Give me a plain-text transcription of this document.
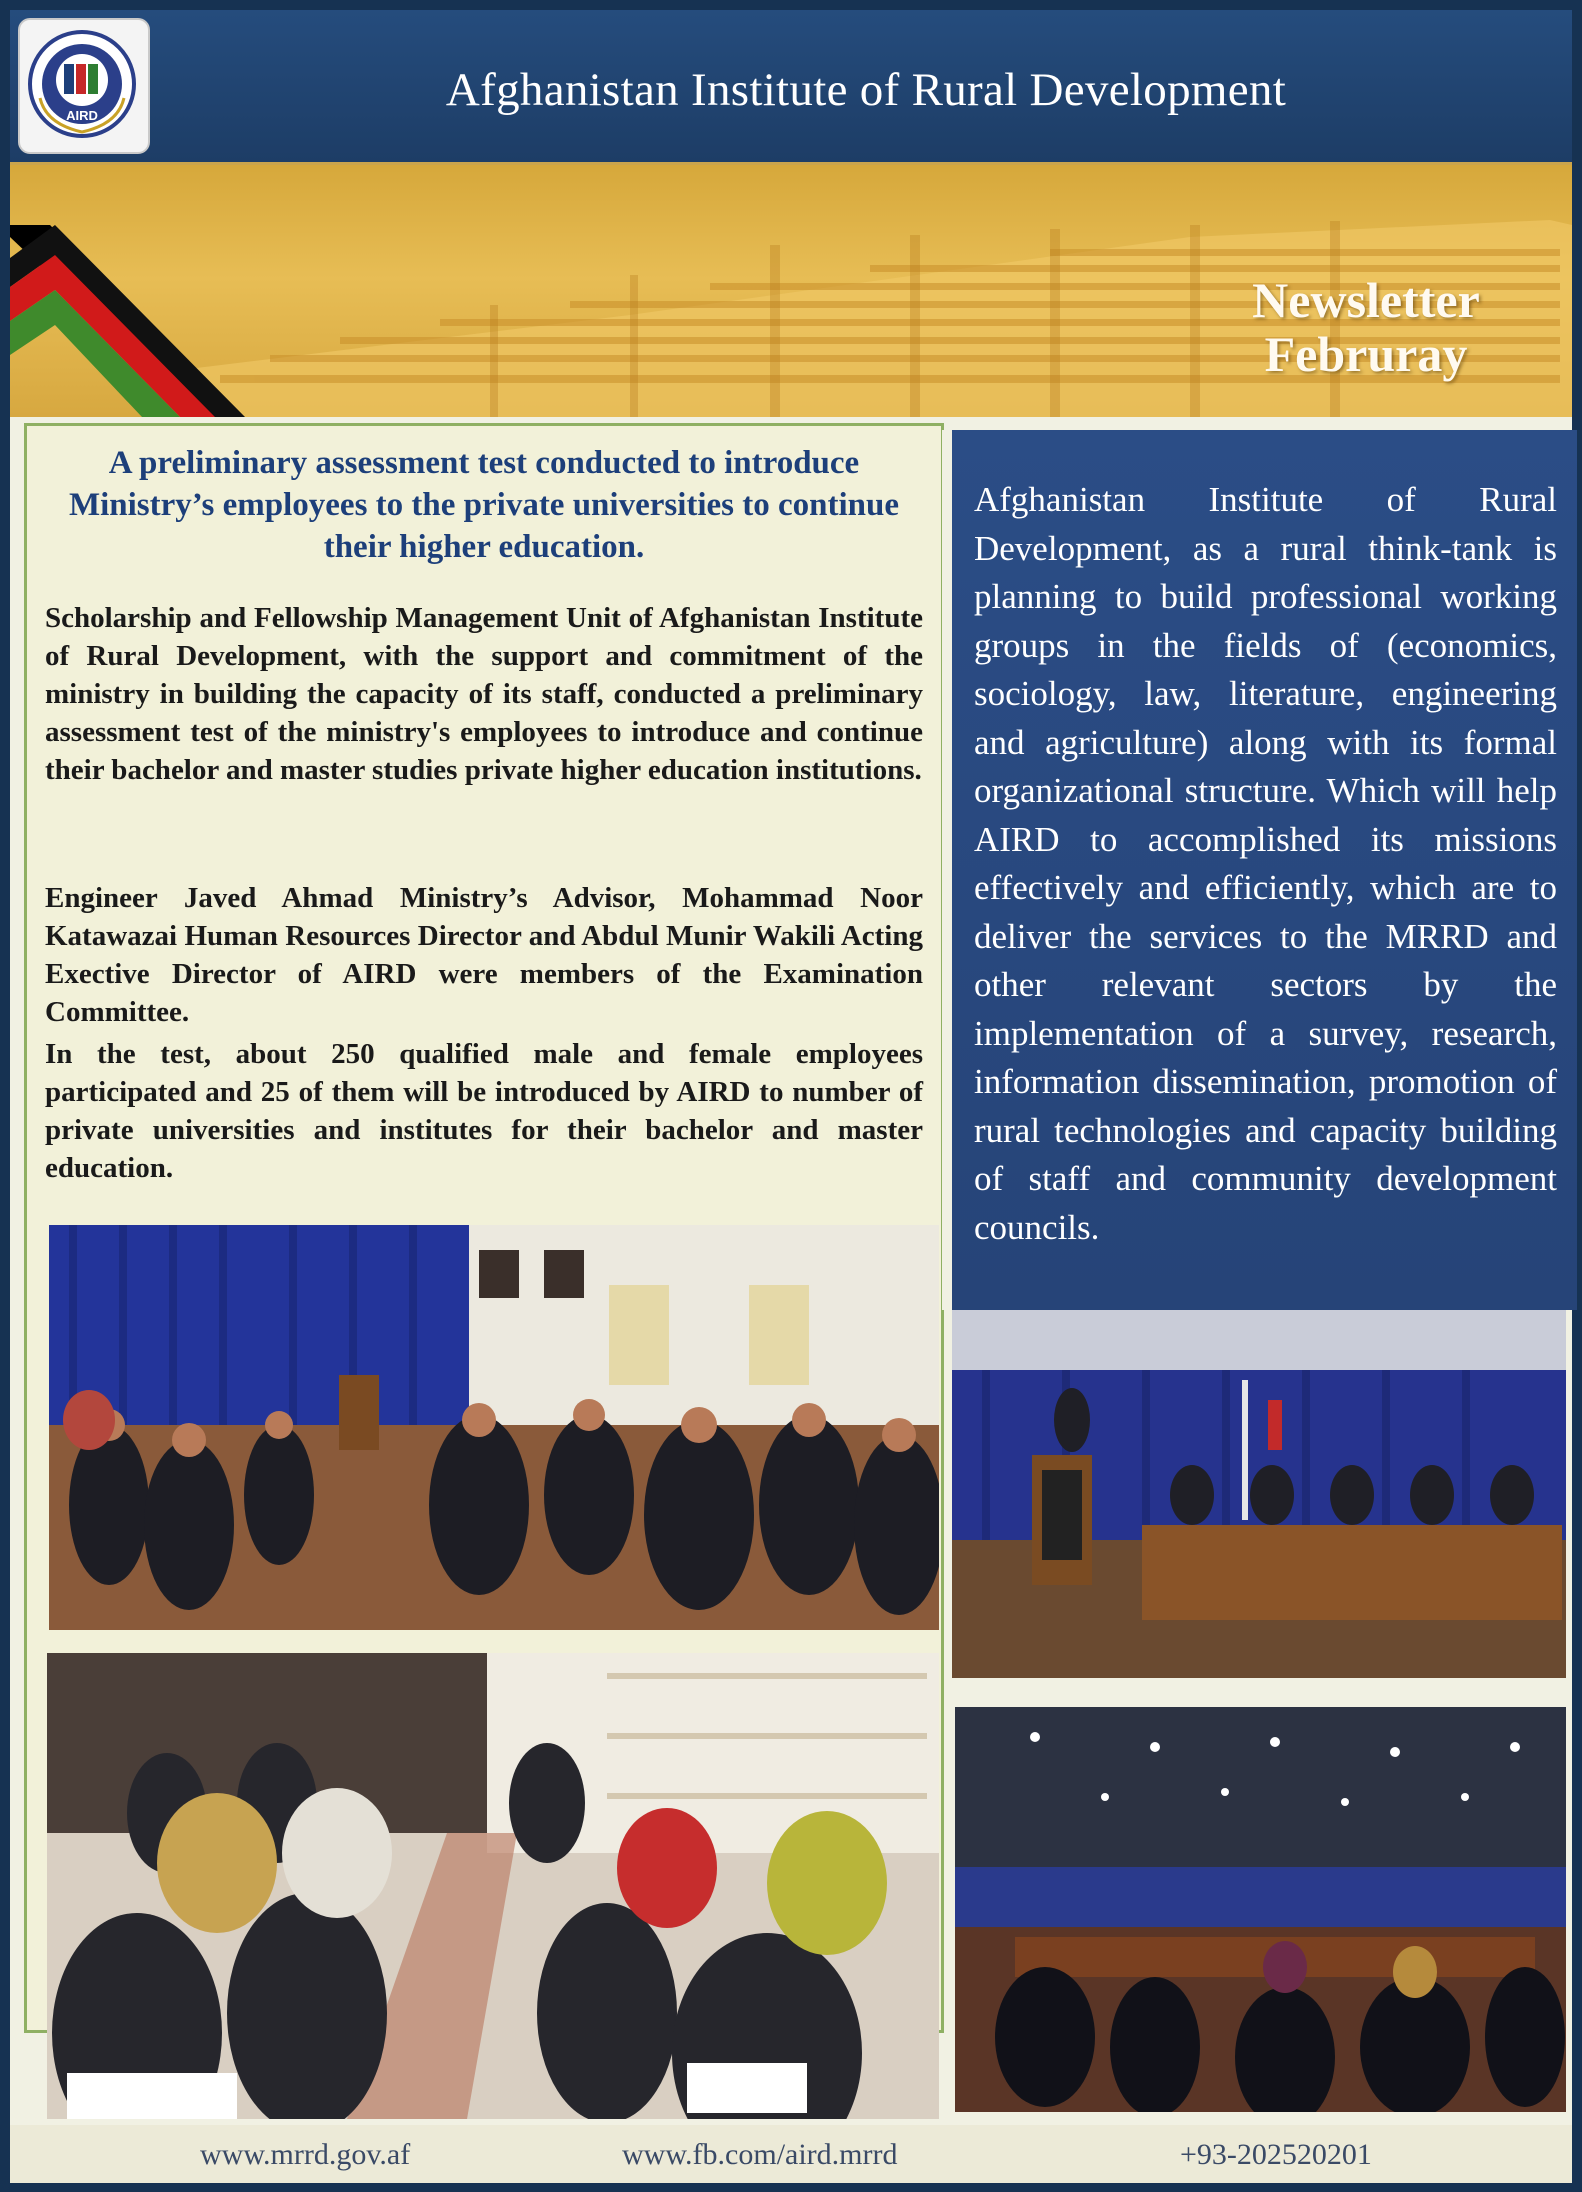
AIRD	Afghanistan Institute of Rural Development
Newsletter
Februray
A preliminary assessment test conducted to introduce Ministry’s employees to the private universities to continue their higher education.
Scholarship and Fellowship Management Unit of Afghanistan Institute of Rural Development, with the support and commitment of the ministry in building the capacity of its staff, conducted a preliminary assessment test of the ministry's employees to introduce and continue their bachelor and master studies private higher education institutions.
Engineer Javed Ahmad Ministry’s Advisor, Mohammad Noor Katawazai Human Resources Director and Abdul Munir Wakili Acting Exective Director of AIRD were members of the Examination Committee.
In the test, about 250 qualified male and female employees participated and 25 of them will be introduced by AIRD to number of private universities and institutes for their bachelor and master education.
Afghanistan Institute of Rural Development, as a rural think-tank is planning to build professional working groups in the fields of (economics, sociology, law, literature, engineering and agriculture) along with its formal organizational structure. Which will help AIRD to accomplished its missions effectively and efficiently, which are to deliver the services to the MRRD and other relevant sectors by the implementation of a survey, research, information dissemination, promotion of rural technologies and capacity building of staff and community development councils.
www.mrrd.gov.af	www.fb.com/aird.mrrd	+93-202520201
